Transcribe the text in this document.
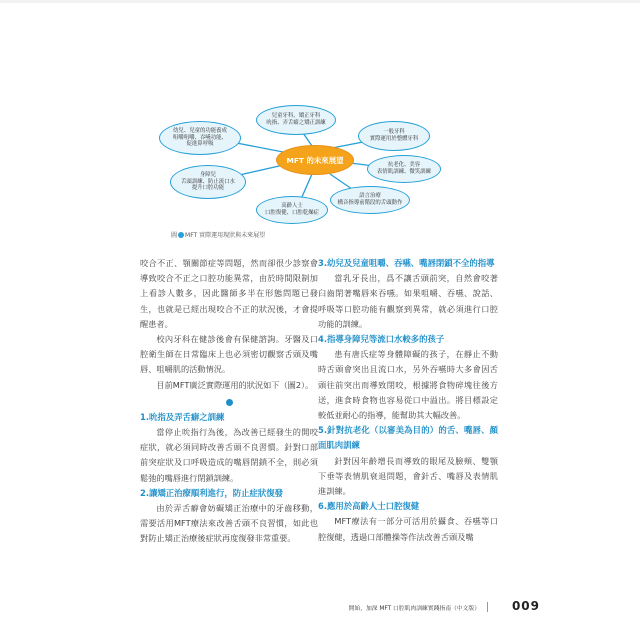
幼兒、兒童的功能養成
咀嚼咀嚼、吞嚥功能、
促進鼻呼吸
兒童牙科、矯正牙科
吮指、弄舌癖之矯正訓練
一般牙科
實際運用於整體牙科
抗老化、美容
表情肌訓練、微笑訓練
語言治療
構音指導前階段的舌頭動作
高齡人士
口腔復健、口腔乾燥症
身障兒
舌頭訓練、防止流口水
提升口腔功能
MFT 的未來展望
圖 MFT 實際運用現狀與未來展望

咬合不正、顎關節症等問題，然而卻很少診察會導致咬合不正之口腔功能異常，由於時間限制加上看診人數多，因此醫師多半在形態問題已發生，也就是已經出現咬合不正的狀況後，才會提醒患者。

校內牙科在健診後會有保健諮詢。牙醫及口腔衛生師在日常臨床上也必須密切觀察舌頭及嘴唇、咀嚼肌的活動情況。

目前MFT廣泛實際運用的狀況如下（圖2）。

1.吮指及弄舌癖之訓練

當停止吮指行為後，為改善已經發生的開咬症狀，就必須同時改善舌頭不良習慣。針對口部前突症狀及口呼吸造成的嘴唇閉鎖不全，則必須鬆弛的嘴唇進行閉鎖訓練。

2.讓矯正治療順利進行，防止症狀復發

由於弄舌癖會妨礙矯正治療中的牙齒移動，需要活用MFT療法來改善舌頭不良習慣，如此也對防止矯正治療後症狀再度復發非常重要。

3.幼兒及兒童咀嚼、吞嚥、嘴唇閉鎖不全的指導

當乳牙長出，爲不讓舌頭前突，自然會咬著臼齒閉著嘴唇來吞嚥。如果咀嚼、吞嚥、說話、呼吸等口腔功能有觀察到異常，就必須進行口腔功能的訓練。

4.指導身障兒等流口水較多的孩子

患有唐氏症等身體障礙的孩子，在靜止不動時舌頭會突出且流口水，另外吞嚥時大多會因舌頭往前突出而導致閉咬，根據將食物碎塊往後方送，進食時食物也容易從口中溢出。將目標設定較低並耐心的指導，能幫助其大幅改善。

5.針對抗老化（以審美為目的）的舌、嘴唇、顏面肌肉訓練

針對因年齡增長而導致的眼尾及臉頰、雙顎下垂等表情肌衰退問題，會針舌、嘴唇及表情肌進訓練。

6.應用於高齡人士口腔復健

MFT療法有一部分可活用於攝食、吞嚥等口腔復健，透過口部體操等作法改善舌頭及嘴

開始，加深 MFT 口腔肌肉訓練實踐指南（中文版）	009
